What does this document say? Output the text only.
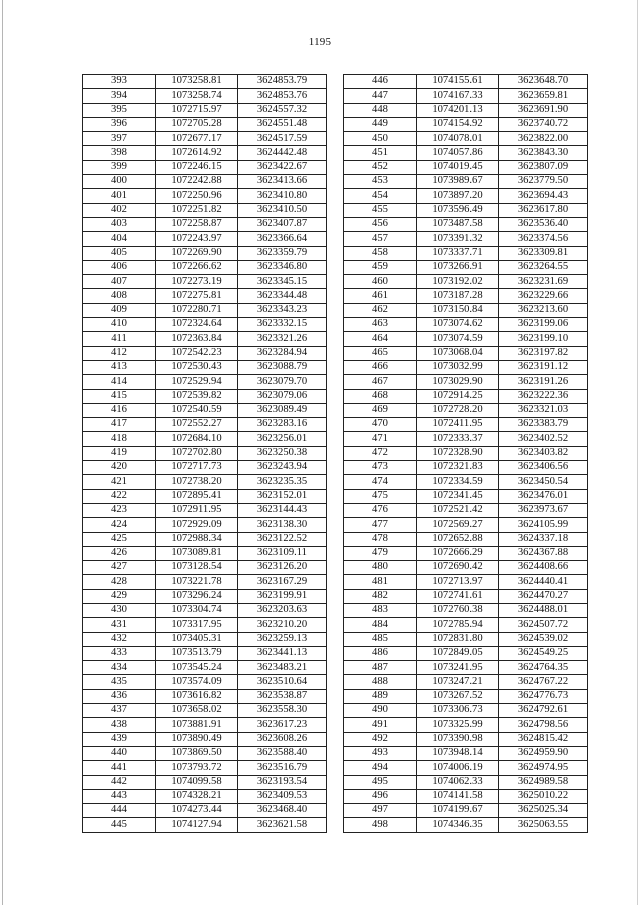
1195
393	1073258.81	3624853.79
394	1073258.74	3624853.76
395	1072715.97	3624557.32
396	1072705.28	3624551.48
397	1072677.17	3624517.59
398	1072614.92	3624442.48
399	1072246.15	3623422.67
400	1072242.88	3623413.66
401	1072250.96	3623410.80
402	1072251.82	3623410.50
403	1072258.87	3623407.87
404	1072243.97	3623366.64
405	1072269.90	3623359.79
406	1072266.62	3623346.80
407	1072273.19	3623345.15
408	1072275.81	3623344.48
409	1072280.71	3623343.23
410	1072324.64	3623332.15
411	1072363.84	3623321.26
412	1072542.23	3623284.94
413	1072530.43	3623088.79
414	1072529.94	3623079.70
415	1072539.82	3623079.06
416	1072540.59	3623089.49
417	1072552.27	3623283.16
418	1072684.10	3623256.01
419	1072702.80	3623250.38
420	1072717.73	3623243.94
421	1072738.20	3623235.35
422	1072895.41	3623152.01
423	1072911.95	3623144.43
424	1072929.09	3623138.30
425	1072988.34	3623122.52
426	1073089.81	3623109.11
427	1073128.54	3623126.20
428	1073221.78	3623167.29
429	1073296.24	3623199.91
430	1073304.74	3623203.63
431	1073317.95	3623210.20
432	1073405.31	3623259.13
433	1073513.79	3623441.13
434	1073545.24	3623483.21
435	1073574.09	3623510.64
436	1073616.82	3623538.87
437	1073658.02	3623558.30
438	1073881.91	3623617.23
439	1073890.49	3623608.26
440	1073869.50	3623588.40
441	1073793.72	3623516.79
442	1074099.58	3623193.54
443	1074328.21	3623409.53
444	1074273.44	3623468.40
445	1074127.94	3623621.58
446	1074155.61	3623648.70
447	1074167.33	3623659.81
448	1074201.13	3623691.90
449	1074154.92	3623740.72
450	1074078.01	3623822.00
451	1074057.86	3623843.30
452	1074019.45	3623807.09
453	1073989.67	3623779.50
454	1073897.20	3623694.43
455	1073596.49	3623617.80
456	1073487.58	3623536.40
457	1073391.32	3623374.56
458	1073337.71	3623309.81
459	1073266.91	3623264.55
460	1073192.02	3623231.69
461	1073187.28	3623229.66
462	1073150.84	3623213.60
463	1073074.62	3623199.06
464	1073074.59	3623199.10
465	1073068.04	3623197.82
466	1073032.99	3623191.12
467	1073029.90	3623191.26
468	1072914.25	3623222.36
469	1072728.20	3623321.03
470	1072411.95	3623383.79
471	1072333.37	3623402.52
472	1072328.90	3623403.82
473	1072321.83	3623406.56
474	1072334.59	3623450.54
475	1072341.45	3623476.01
476	1072521.42	3623973.67
477	1072569.27	3624105.99
478	1072652.88	3624337.18
479	1072666.29	3624367.88
480	1072690.42	3624408.66
481	1072713.97	3624440.41
482	1072741.61	3624470.27
483	1072760.38	3624488.01
484	1072785.94	3624507.72
485	1072831.80	3624539.02
486	1072849.05	3624549.25
487	1073241.95	3624764.35
488	1073247.21	3624767.22
489	1073267.52	3624776.73
490	1073306.73	3624792.61
491	1073325.99	3624798.56
492	1073390.98	3624815.42
493	1073948.14	3624959.90
494	1074006.19	3624974.95
495	1074062.33	3624989.58
496	1074141.58	3625010.22
497	1074199.67	3625025.34
498	1074346.35	3625063.55
